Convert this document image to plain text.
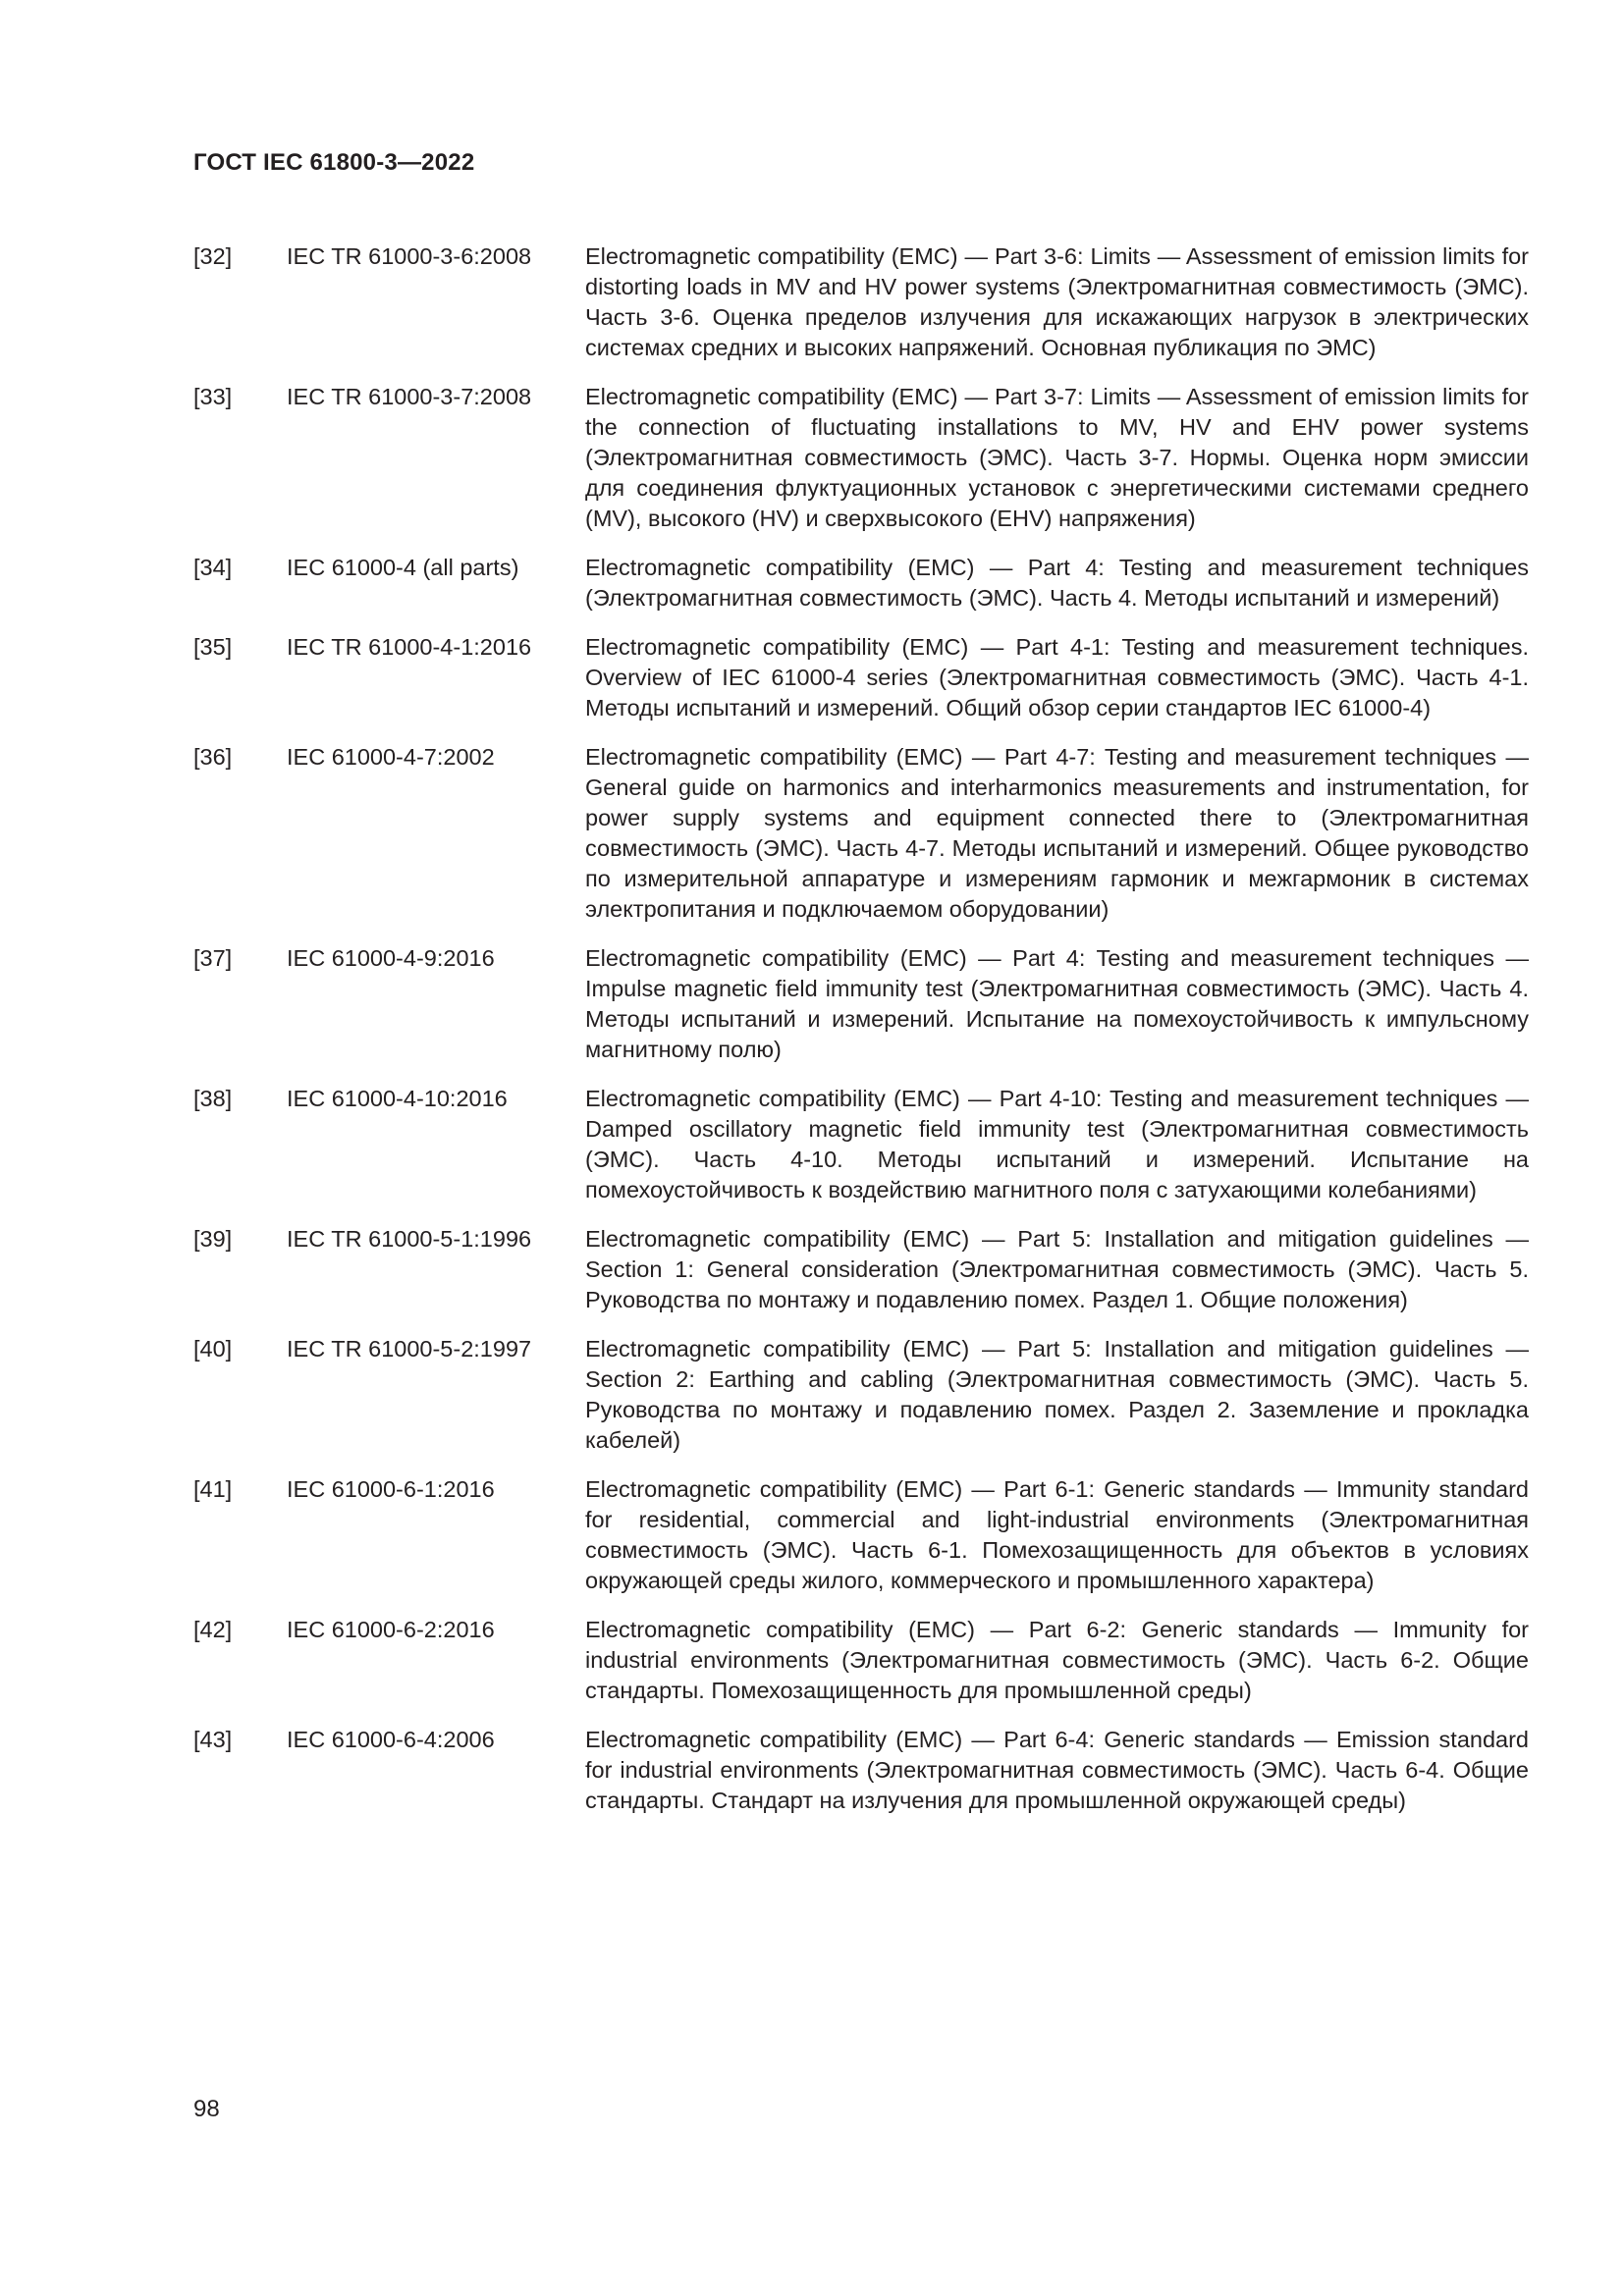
ГОСТ IEC 61800-3—2022
[32]	IEC TR 61000-3-6:2008	Electromagnetic compatibility (EMC) — Part 3-6: Limits — Assessment of emission limits for distorting loads in MV and HV power systems (Электромагнитная совместимость (ЭМС). Часть 3-6. Оценка пределов излучения для искажающих нагрузок в электрических системах средних и высоких напряжений. Основная публикация по ЭМС)
[33]	IEC TR 61000-3-7:2008	Electromagnetic compatibility (EMC) — Part 3-7: Limits — Assessment of emission limits for the connection of fluctuating installations to MV, HV and EHV power systems (Электромагнитная совместимость (ЭМС). Часть 3-7. Нормы. Оценка норм эмиссии для соединения флуктуационных установок с энергетическими системами среднего (MV), высокого (HV) и сверхвысокого (EHV) напряжения)
[34]	IEC 61000-4 (all parts)	Electromagnetic compatibility (EMC) — Part 4: Testing and measurement techniques (Электромагнитная совместимость (ЭМС). Часть 4. Методы испытаний и измерений)
[35]	IEC TR 61000-4-1:2016	Electromagnetic compatibility (EMC) — Part 4-1: Testing and measurement techniques. Overview of IEC 61000-4 series (Электромагнитная совместимость (ЭМС). Часть 4-1. Методы испытаний и измерений. Общий обзор серии стандартов IEC 61000-4)
[36]	IEC 61000-4-7:2002	Electromagnetic compatibility (EMC) — Part 4-7: Testing and measurement techniques — General guide on harmonics and interharmonics measurements and instrumentation, for power supply systems and equipment connected there to (Электромагнитная совместимость (ЭМС). Часть 4-7. Методы испытаний и измерений. Общее руководство по измерительной аппаратуре и измерениям гармоник и межгармоник в системах электропитания и подключаемом оборудовании)
[37]	IEC 61000-4-9:2016	Electromagnetic compatibility (EMC) — Part 4: Testing and measurement techniques — Impulse magnetic field immunity test (Электромагнитная совместимость (ЭМС). Часть 4. Методы испытаний и измерений. Испытание на помехоустойчивость к импульсному магнитному полю)
[38]	IEC 61000-4-10:2016	Electromagnetic compatibility (EMC) — Part 4-10: Testing and measurement techniques — Damped oscillatory magnetic field immunity test (Электромагнитная совместимость (ЭМС). Часть 4-10. Методы испытаний и измерений. Испытание на помехоустойчивость к воздействию магнитного поля с затухающими колебаниями)
[39]	IEC TR 61000-5-1:1996	Electromagnetic compatibility (EMC) — Part 5: Installation and mitigation guidelines — Section 1: General consideration (Электромагнитная совместимость (ЭМС). Часть 5. Руководства по монтажу и подавлению помех. Раздел 1. Общие положения)
[40]	IEC TR 61000-5-2:1997	Electromagnetic compatibility (EMC) — Part 5: Installation and mitigation guidelines — Section 2: Earthing and cabling (Электромагнитная совместимость (ЭМС). Часть 5. Руководства по монтажу и подавлению помех. Раздел 2. Заземление и прокладка кабелей)
[41]	IEC 61000-6-1:2016	Electromagnetic compatibility (EMC) — Part 6-1: Generic standards — Immunity standard for residential, commercial and light-industrial environments (Электромагнитная совместимость (ЭМС). Часть 6-1. Помехозащищенность для объектов в условиях окружающей среды жилого, коммерческого и промышленного характера)
[42]	IEC 61000-6-2:2016	Electromagnetic compatibility (EMC) — Part 6-2: Generic standards — Immunity for industrial environments (Электромагнитная совместимость (ЭМС). Часть 6-2. Общие стандарты. Помехозащищенность для промышленной среды)
[43]	IEC 61000-6-4:2006	Electromagnetic compatibility (EMC) — Part 6-4: Generic standards — Emission standard for industrial environments (Электромагнитная совместимость (ЭМС). Часть 6-4. Общие стандарты. Стандарт на излучения для промышленной окружающей среды)
98
